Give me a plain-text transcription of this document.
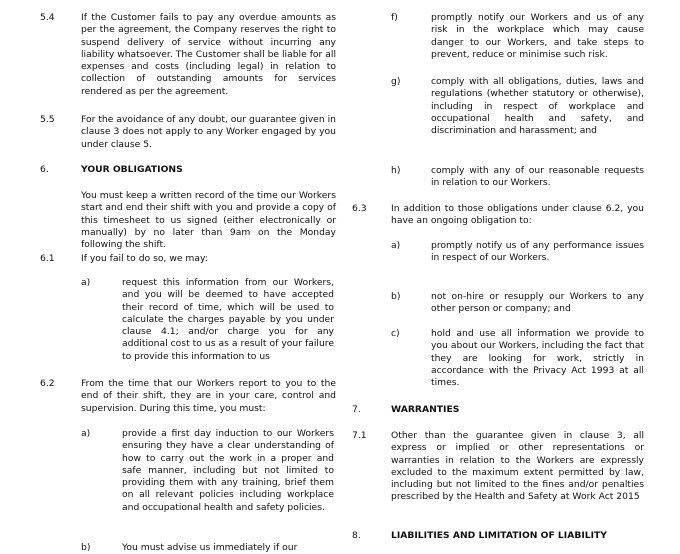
5.4	If the Customer fails to pay any overdue amounts as per the agreement, the Company reserves the right to suspend delivery of service without incurring any liability whatsoever. The Customer shall be liable for all expenses and costs (including legal) in relation to collection of outstanding amounts for services rendered as per the agreement.
5.5	For the avoidance of any doubt, our guarantee given in clause 3 does not apply to any Worker engaged by you under clause 5.
6.	YOUR OBLIGATIONS
You must keep a written record of the time our Workers start and end their shift with you and provide a copy of this timesheet to us signed (either electronically or manually) by no later than 9am on the Monday following the shift.
6.1	If you fail to do so, we may:
a)	request this information from our Workers, and you will be deemed to have accepted their record of time, which will be used to calculate the charges payable by you under clause 4.1; and/or charge you for any additional cost to us as a result of your failure to provide this information to us
6.2	From the time that our Workers report to you to the end of their shift, they are in your care, control and supervision. During this time, you must:
a)	provide a first day induction to our Workers ensuring they have a clear understanding of how to carry out the work in a proper and safe manner, including but not limited to providing them with any training, brief them on all relevant policies including workplace and occupational health and safety policies.
b)	You must advise us immediately if our
f)	promptly notify our Workers and us of any risk in the workplace which may cause danger to our Workers, and take steps to prevent, reduce or minimise such risk.
g)	comply with all obligations, duties, laws and regulations (whether statutory or otherwise), including in respect of workplace and occupational health and safety, and discrimination and harassment; and
h)	comply with any of our reasonable requests in relation to our Workers.
6.3	In addition to those obligations under clause 6.2, you have an ongoing obligation to:
a)	promptly notify us of any performance issues in respect of our Workers.
b)	not on-hire or resupply our Workers to any other person or company; and
c)	hold and use all information we provide to you about our Workers, including the fact that they are looking for work, strictly in accordance with the Privacy Act 1993 at all times.
7.	WARRANTIES
7.1	Other than the guarantee given in clause 3, all express or implied or other representations or warranties in relation to the Workers are expressly excluded to the maximum extent permitted by law, including but not limited to the fines and/or penalties prescribed by the Health and Safety at Work Act 2015
8.	LIABILITIES AND LIMITATION OF LIABILITY
